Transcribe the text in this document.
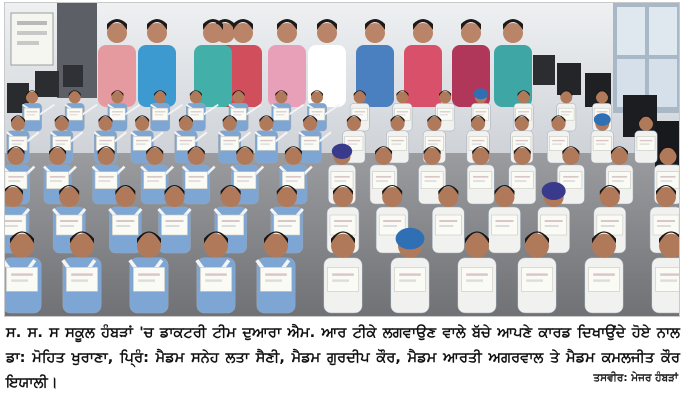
ਸ. ਸ. ਸ ਸਕੂਲ ਹੰਬੜਾਂ 'ਚ ਡਾਕਟਰੀ ਟੀਮ ਦੁਆਰਾ ਐਮ. ਆਰ ਟੀਕੇ ਲਗਵਾਉਣ ਵਾਲੇ ਬੱਚੇ ਆਪਣੇ ਕਾਰਡ ਦਿਖਾਉਂਦੇ ਹੋਏ ਨਾਲ ਡਾ: ਮੋਹਿਤ ਖੁਰਾਣਾ, ਪ੍ਰਿੰ: ਮੈਡਮ ਸਨੇਹ ਲਤਾ ਸੈਣੀ, ਮੈਡਮ ਗੁਰਦੀਪ ਕੌਰ, ਮੈਡਮ ਆਰਤੀ ਅਗਰਵਾਲ ਤੇ ਮੈਡਮ ਕਮਲਜੀਤ ਕੌਰ ਇਯਾਲੀ।	ਤਸਵੀਰ: ਮੇਜਰ ਹੰਬੜਾਂ
